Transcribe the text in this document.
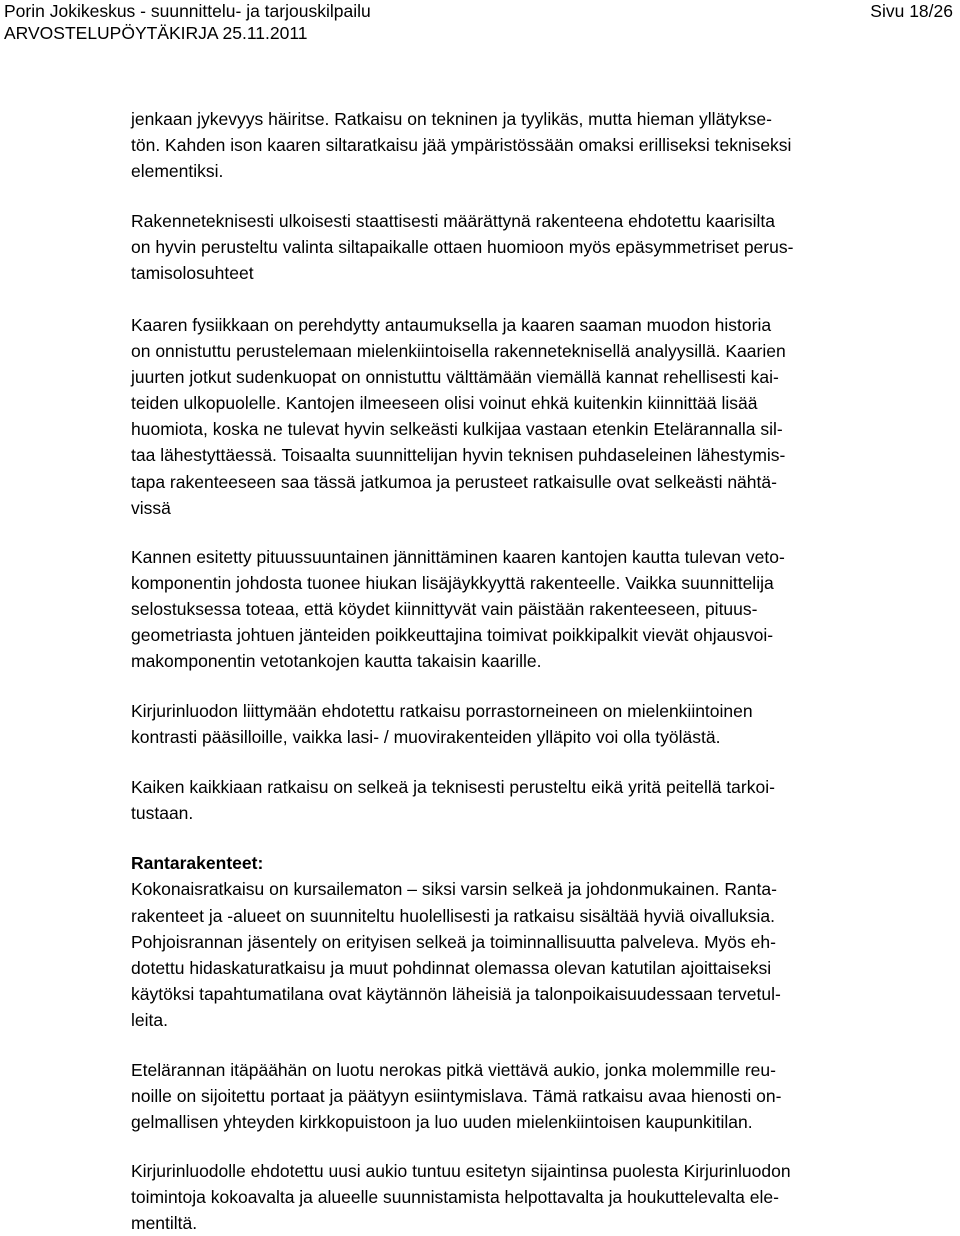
Porin Jokikeskus - suunnittelu- ja tarjouskilpailu	Sivu 18/26
ARVOSTELUPÖYTÄKIRJA 25.11.2011

jenkaan jykevyys häiritse. Ratkaisu on tekninen ja tyylikäs, mutta hieman yllätykse-
tön. Kahden ison kaaren siltaratkaisu jää ympäristössään omaksi erilliseksi tekniseksi
elementiksi.

Rakenneteknisesti ulkoisesti staattisesti määrättynä rakenteena ehdotettu kaarisilta
on hyvin perusteltu valinta siltapaikalle ottaen huomioon myös epäsymmetriset perus-
tamisolosuhteet

Kaaren fysiikkaan on perehdytty antaumuksella ja kaaren saaman muodon historia
on onnistuttu perustelemaan mielenkiintoisella rakenneteknisellä analyysillä. Kaarien
juurten jotkut sudenkuopat on onnistuttu välttämään viemällä kannat rehellisesti kai-
teiden ulkopuolelle. Kantojen ilmeeseen olisi voinut ehkä kuitenkin kiinnittää lisää
huomiota, koska ne tulevat hyvin selkeästi kulkijaa vastaan etenkin Etelärannalla sil-
taa lähestyttäessä. Toisaalta suunnittelijan hyvin teknisen puhdaseleinen lähestymis-
tapa rakenteeseen saa tässä jatkumoa ja perusteet ratkaisulle ovat selkeästi nähtä-
vissä

Kannen esitetty pituussuuntainen jännittäminen kaaren kantojen kautta tulevan veto-
komponentin johdosta tuonee hiukan lisäjäykkyyttä rakenteelle. Vaikka suunnittelija
selostuksessa toteaa, että köydet kiinnittyvät vain päistään rakenteeseen, pituus-
geometriasta johtuen jänteiden poikkeuttajina toimivat poikkipalkit vievät ohjausvoi-
makomponentin vetotankojen kautta takaisin kaarille.

Kirjurinluodon liittymään ehdotettu ratkaisu porrastorneineen on mielenkiintoinen
kontrasti pääsilloille, vaikka lasi- / muovirakenteiden ylläpito voi olla työlästä.

Kaiken kaikkiaan ratkaisu on selkeä ja teknisesti perusteltu eikä yritä peitellä tarkoi-
tustaan.

Rantarakenteet:

Kokonaisratkaisu on kursailematon – siksi varsin selkeä ja johdonmukainen. Ranta-
rakenteet ja -alueet on suunniteltu huolellisesti ja ratkaisu sisältää hyviä oivalluksia.
Pohjoisrannan jäsentely on erityisen selkeä ja toiminnallisuutta palveleva. Myös eh-
dotettu hidaskaturatkaisu ja muut pohdinnat olemassa olevan katutilan ajoittaiseksi
käytöksi tapahtumatilana ovat käytännön läheisiä ja talonpoikaisuudessaan tervetul-
leita.

Etelärannan itäpäähän on luotu nerokas pitkä viettävä aukio, jonka molemmille reu-
noille on sijoitettu portaat ja päätyyn esiintymislava. Tämä ratkaisu avaa hienosti on-
gelmallisen yhteyden kirkkopuistoon ja luo uuden mielenkiintoisen kaupunkitilan.

Kirjurinluodolle ehdotettu uusi aukio tuntuu esitetyn sijaintinsa puolesta Kirjurinluodon
toimintoja kokoavalta ja alueelle suunnistamista helpottavalta ja houkuttelevalta ele-
mentiltä.
